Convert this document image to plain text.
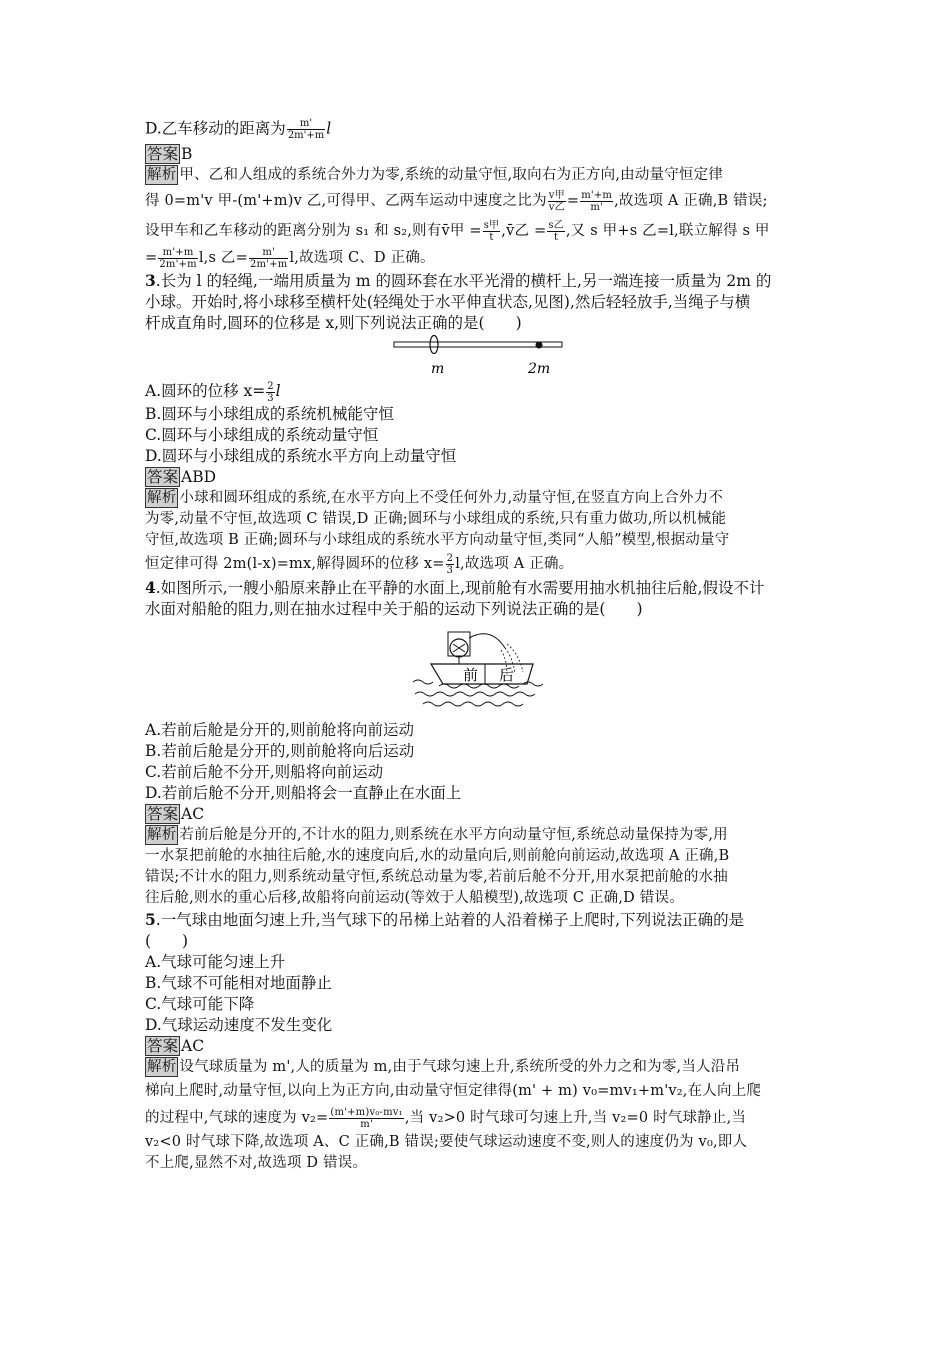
D.乙车移动的距离为 $\frac{m'}{2m'+m}$ l
答案 B
解析 甲、乙和人组成的系统合外力为零,系统的动量守恒,取向右为正方向,由动量守恒定律
得 0=m'v 甲-(m'+m)v 乙,可得甲、乙两车运动中速度之比为 $\frac{\text{v甲}}{\text{v乙}} = \frac{m'+m}{m'}$ ,故选项 A 正确,B 错误;
设甲车和乙车移动的距离分别为 s₁ 和 s₂,则有v̄甲 = $\frac{\text{s甲}}{t}$ ,v̄乙 = $\frac{\text{s乙}}{t}$ ,又 s 甲+s 乙=l,联立解得 s 甲
= $\frac{m'+m}{2m'+m} l,s$ 乙= $\frac{m'}{2m'+m} l$,故选项 C、D 正确。
3.长为 l 的轻绳,一端用质量为 m 的圆环套在水平光滑的横杆上,另一端连接一质量为 2m 的
小球。开始时,将小球移至横杆处(轻绳处于水平伸直状态,见图),然后轻轻放手,当绳子与横
杆成直角时,圆环的位移是 x,则下列说法正确的是(　　)
m	2m
A.圆环的位移 $x= \frac{2}{3}$ l
B.圆环与小球组成的系统机械能守恒
C.圆环与小球组成的系统动量守恒
D.圆环与小球组成的系统水平方向上动量守恒
答案 ABD
解析 小球和圆环组成的系统,在水平方向上不受任何外力,动量守恒,在竖直方向上合外力不
为零,动量不守恒,故选项 C 错误,D 正确;圆环与小球组成的系统,只有重力做功,所以机械能
守恒,故选项 B 正确;圆环与小球组成的系统水平方向动量守恒,类同“人船”模型,根据动量守
恒定律可得 2m(l-x)=mx,解得圆环的位移 $x= \frac{2}{3} l$,故选项 A 正确。
4.如图所示,一艘小船原来静止在平静的水面上,现前舱有水需要用抽水机抽往后舱,假设不计
水面对船舱的阻力,则在抽水过程中关于船的运动下列说法正确的是(　　)
前 后
A.若前后舱是分开的,则前舱将向前运动
B.若前后舱是分开的,则前舱将向后运动
C.若前后舱不分开,则船将向前运动
D.若前后舱不分开,则船将会一直静止在水面上
答案 AC
解析 若前后舱是分开的,不计水的阻力,则系统在水平方向动量守恒,系统总动量保持为零,用
一水泵把前舱的水抽往后舱,水的速度向后,水的动量向后,则前舱向前运动,故选项 A 正确,B
错误;不计水的阻力,则系统动量守恒,系统总动量为零,若前后舱不分开,用水泵把前舱的水抽
往后舱,则水的重心后移,故船将向前运动(等效于人船模型),故选项 C 正确,D 错误。
5.一气球由地面匀速上升,当气球下的吊梯上站着的人沿着梯子上爬时,下列说法正确的是
(　　)
A.气球可能匀速上升
B.气球不可能相对地面静止
C.气球可能下降
D.气球运动速度不发生变化
答案 AC
解析 设气球质量为 m',人的质量为 m,由于气球匀速上升,系统所受的外力之和为零,当人沿吊
梯向上爬时,动量守恒,以向上为正方向,由动量守恒定律得(m' + m) v₀=mv₁+m'v₂,在人向上爬
的过程中,气球的速度为 $v_2= \frac{\text{(m'+m)v₀-mv₁}}{m'}$ ,当 v₂>0 时气球可匀速上升,当 v₂=0 时气球静止,当
v₂<0 时气球下降,故选项 A、C 正确,B 错误;要使气球运动速度不变,则人的速度仍为 v₀,即人
不上爬,显然不对,故选项 D 错误。
